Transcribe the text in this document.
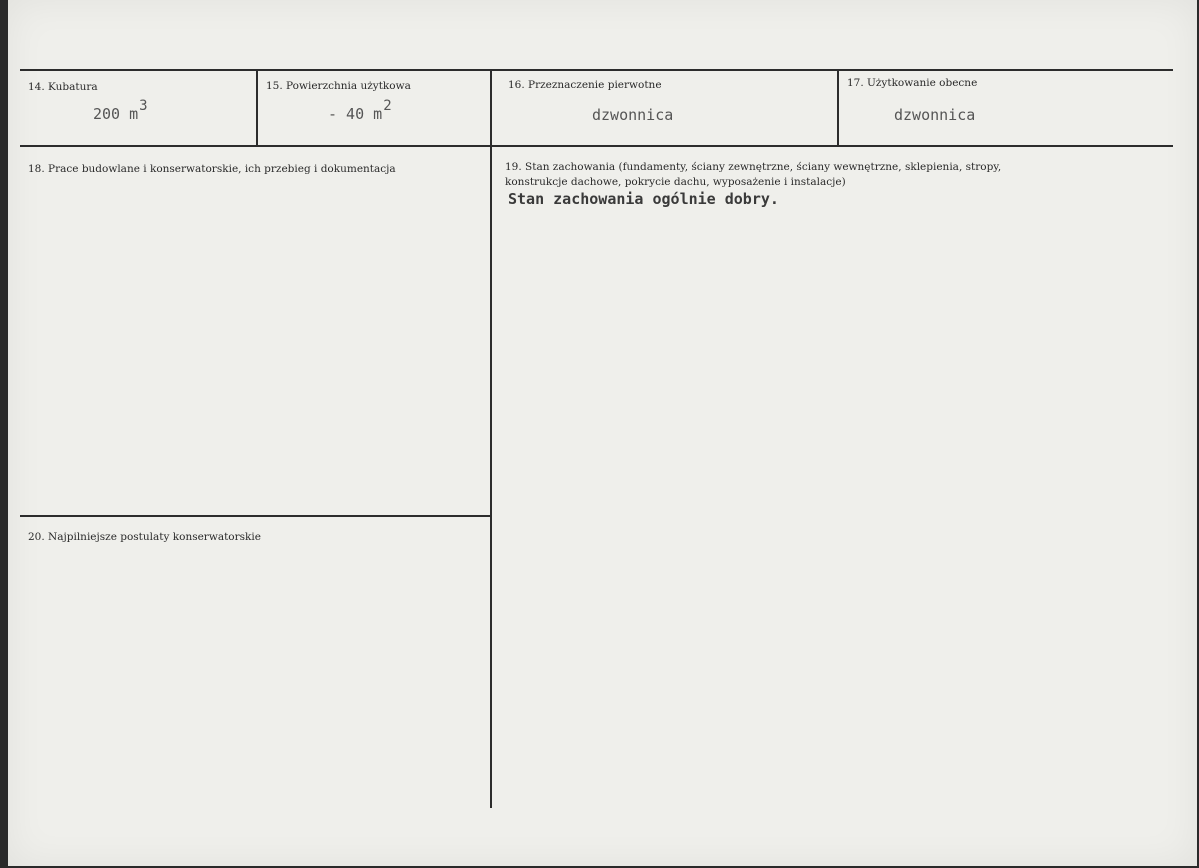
14. Kubatura
200 m3
15. Powierzchnia użytkowa
- 40 m2
16. Przeznaczenie pierwotne
dzwonnica
17. Użytkowanie obecne
dzwonnica
18. Prace budowlane i konserwatorskie, ich przebieg i dokumentacja	19. Stan zachowania (fundamenty, ściany zewnętrzne, ściany wewnętrzne, sklepienia, stropy,
konstrukcje dachowe, pokrycie dachu, wyposażenie i instalacje)
Stan zachowania ogólnie dobry.
20. Najpilniejsze postulaty konserwatorskie
